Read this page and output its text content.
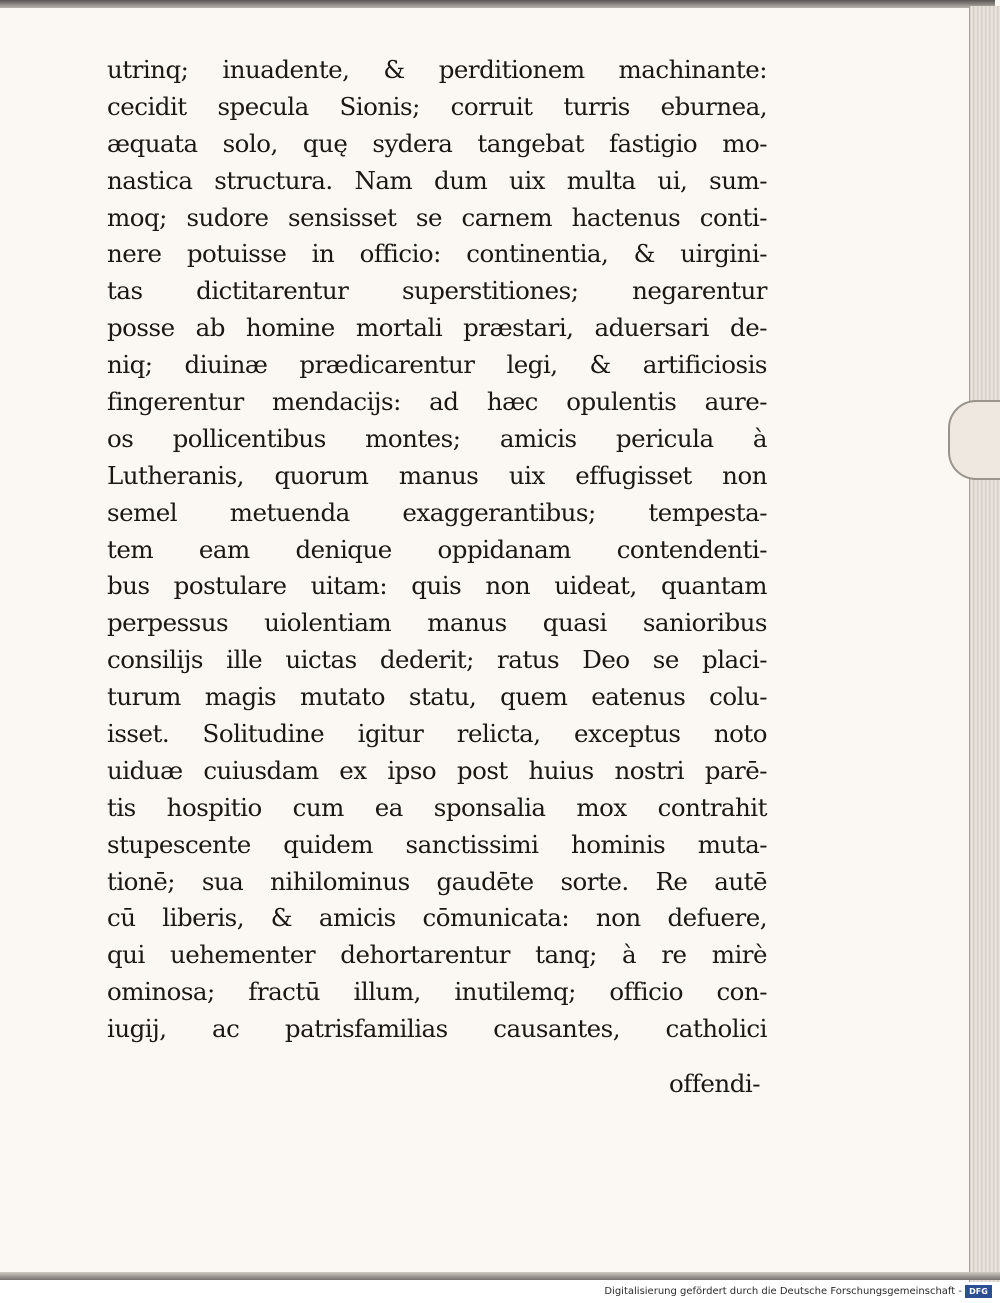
utrinq; inuadente, & perditionem machinante:
cecidit specula Sionis; corruit turris eburnea,
æquata solo, quę sydera tangebat fastigio mo-
nastica structura. Nam dum uix multa ui, sum-
moq; sudore sensisset se carnem hactenus conti-
nere potuisse in officio: continentia, & uirgini-
tas dictitarentur superstitiones; negarentur
posse ab homine mortali præstari, aduersari de-
niq; diuinæ prædicarentur legi, & artificiosis
fingerentur mendacijs: ad hæc opulentis aure-
os pollicentibus montes; amicis pericula à
Lutheranis, quorum manus uix effugisset non
semel metuenda exaggerantibus; tempesta-
tem eam denique oppidanam contendenti-
bus postulare uitam: quis non uideat, quantam
perpessus uiolentiam manus quasi sanioribus
consilijs ille uictas dederit; ratus Deo se placi-
turum magis mutato statu, quem eatenus colu-
isset. Solitudine igitur relicta, exceptus noto
uiduæ cuiusdam ex ipso post huius nostri parē-
tis hospitio cum ea sponsalia mox contrahit
stupescente quidem sanctissimi hominis muta-
tionē; sua nihilominus gaudēte sorte. Re autē
cū liberis, & amicis cōmunicata: non defuere,
qui uehementer dehortarentur tanq; à re mirè
ominosa; fractū illum, inutilemq; officio con-
iugij, ac patrisfamilias causantes, catholici
offendi-
Digitalisierung gefördert durch die Deutsche Forschungsgemeinschaft - DFG
